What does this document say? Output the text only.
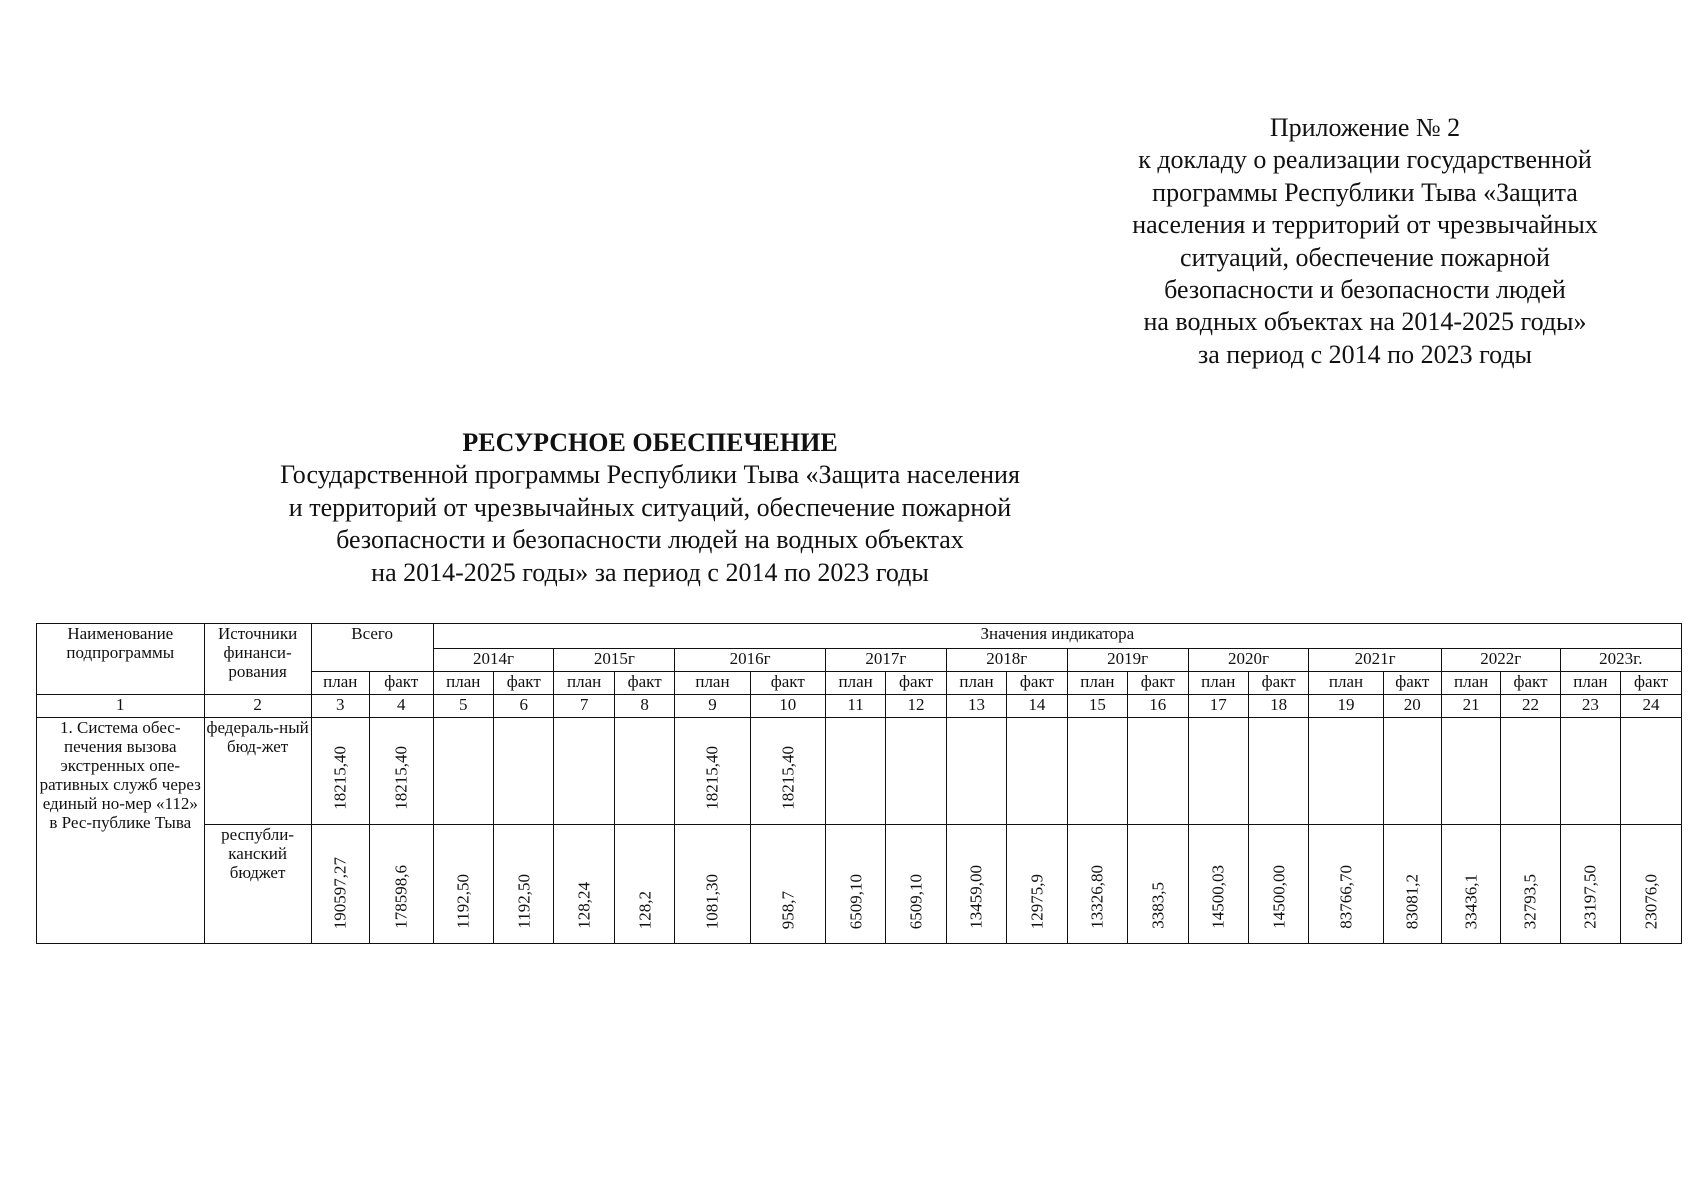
Приложение № 2
к докладу о реализации государственной
программы Республики Тыва «Защита
населения и территорий от чрезвычайных
ситуаций, обеспечение пожарной
безопасности и безопасности людей
на водных объектах на 2014-2025 годы»
за период с 2014 по 2023 годы
РЕСУРСНОЕ ОБЕСПЕЧЕНИЕ
Государственной программы Республики Тыва «Защита населения
и территорий от чрезвычайных ситуаций, обеспечение пожарной
безопасности и безопасности людей на водных объектах
на 2014-2025 годы» за период с 2014 по 2023 годы
Наименование подпрограммы	Источники финанси-рования	Всего		Значения индикатора																			
				2014г		2015г		2016г		2017г		2018г		2019г		2020г		2021г		2022г		2023г.	
		план	факт	план	факт	план	факт	план	факт	план	факт	план	факт	план	факт	план	факт	план	факт	план	факт	план	факт
1	2	3	4	5	6	7	8	9	10	11	12	13	14	15	16	17	18	19	20	21	22	23	24
1. Система обес-печения вызова экстренных опе-ративных служб через единый но-мер «112» в Рес-публике Тыва	федераль-ный бюд-жет	18215,40	18215,40					18215,40	18215,40														

	республи-канский бюджет	190597,27	178598,6	1192,50	1192,50	128,24	128,2	1081,30	958,7	6509,10	6509,10	13459,00	12975,9	13326,80	3383,5	14500,03	14500,00	83766,70	83081,2	33436,1	32793,5	23197,50	23076,0
